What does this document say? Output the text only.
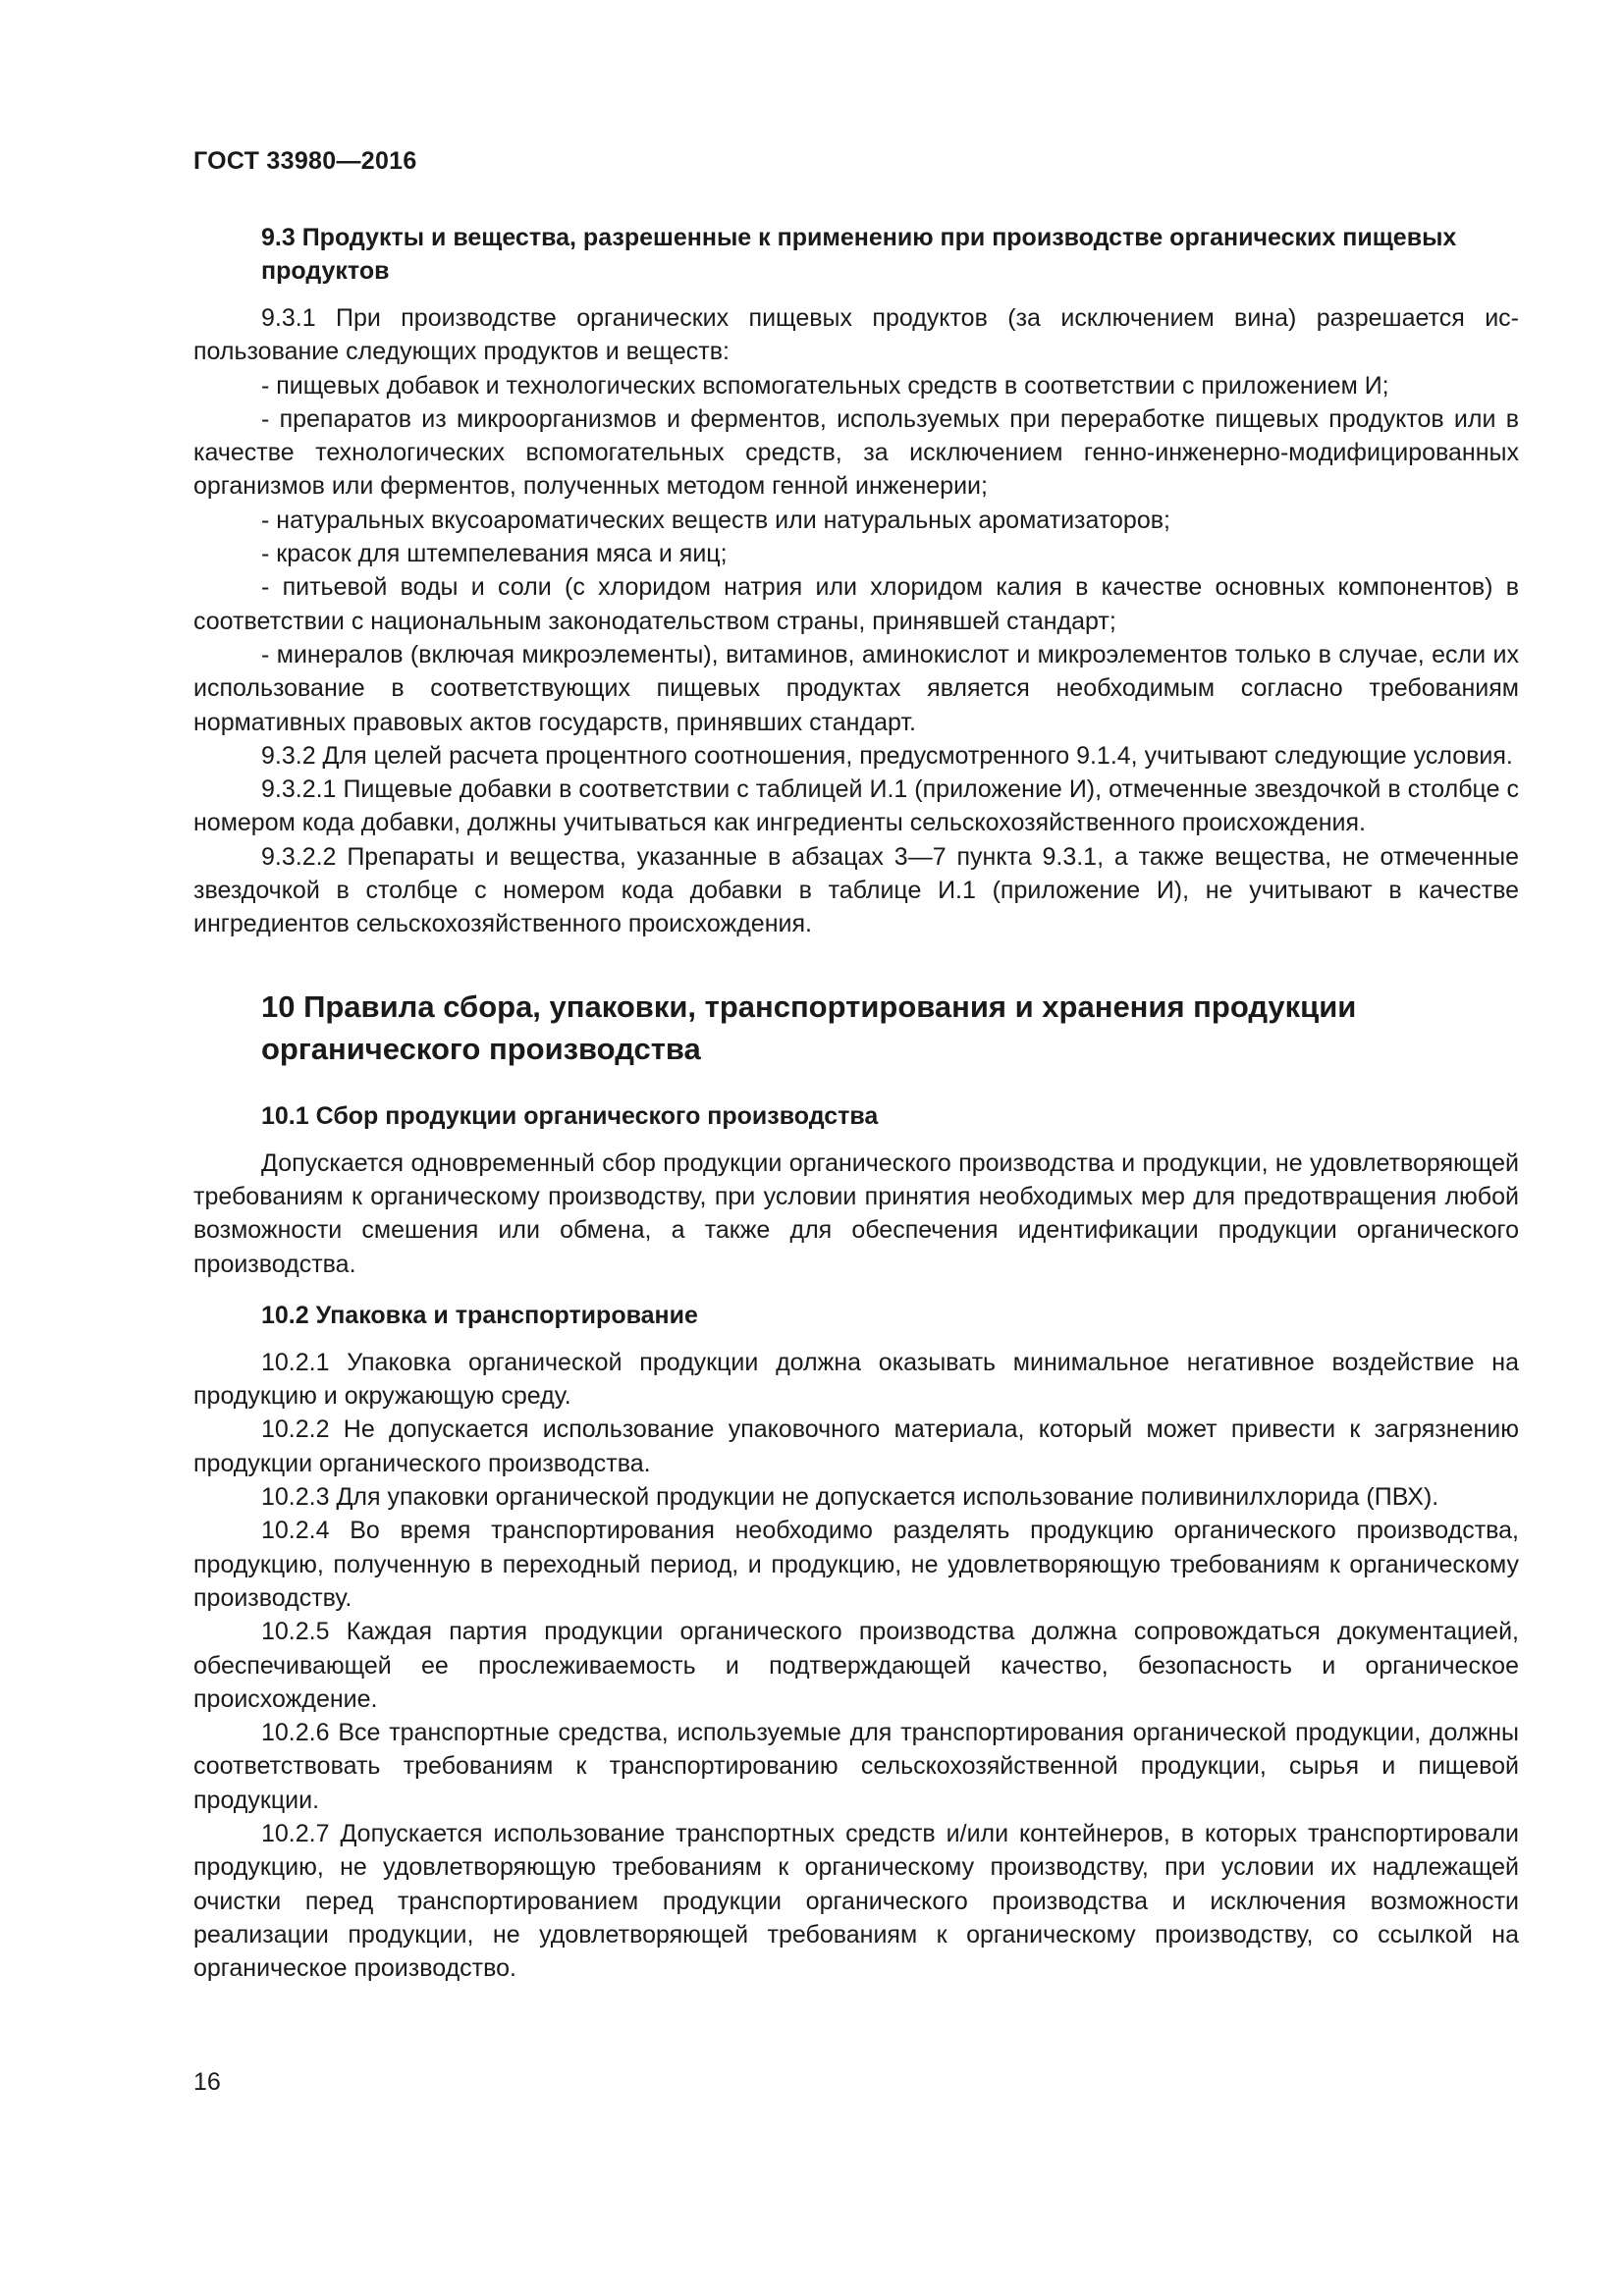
ГОСТ 33980—2016
9.3 Продукты и вещества, разрешенные к применению при производстве органических пищевых продуктов

9.3.1 При производстве органических пищевых продуктов (за исключением вина) разрешается использование следующих продуктов и веществ:

- пищевых добавок и технологических вспомогательных средств в соответствии с приложением И;

- препаратов из микроорганизмов и ферментов, используемых при переработке пищевых продуктов или в качестве технологических вспомогательных средств, за исключением генно-инженерно-модифицированных организмов или ферментов, полученных методом генной инженерии;

- натуральных вкусоароматических веществ или натуральных ароматизаторов;

- красок для штемпелевания мяса и яиц;

- питьевой воды и соли (с хлоридом натрия или хлоридом калия в качестве основных компонентов) в соответствии с национальным законодательством страны, принявшей стандарт;

- минералов (включая микроэлементы), витаминов, аминокислот и микроэлементов только в случае, если их использование в соответствующих пищевых продуктах является необходимым согласно требованиям нормативных правовых актов государств, принявших стандарт.

9.3.2 Для целей расчета процентного соотношения, предусмотренного 9.1.4, учитывают следующие условия.

9.3.2.1 Пищевые добавки в соответствии с таблицей И.1 (приложение И), отмеченные звездочкой в столбце с номером кода добавки, должны учитываться как ингредиенты сельскохозяйственного происхождения.

9.3.2.2 Препараты и вещества, указанные в абзацах 3—7 пункта 9.3.1, а также вещества, не отмеченные звездочкой в столбце с номером кода добавки в таблице И.1 (приложение И), не учитывают в качестве ингредиентов сельскохозяйственного происхождения.

10 Правила сбора, упаковки, транспортирования и хранения продукции органического производства
10.1 Сбор продукции органического производства

Допускается одновременный сбор продукции органического производства и продукции, не удовлетворяющей требованиям к органическому производству, при условии принятия необходимых мер для предотвращения любой возможности смешения или обмена, а также для обеспечения идентификации продукции органического производства.

10.2 Упаковка и транспортирование

10.2.1 Упаковка органической продукции должна оказывать минимальное негативное воздействие на продукцию и окружающую среду.

10.2.2 Не допускается использование упаковочного материала, который может привести к загрязнению продукции органического производства.

10.2.3 Для упаковки органической продукции не допускается использование поливинилхлорида (ПВХ).

10.2.4 Во время транспортирования необходимо разделять продукцию органического производства, продукцию, полученную в переходный период, и продукцию, не удовлетворяющую требованиям к органическому производству.

10.2.5 Каждая партия продукции органического производства должна сопровождаться документацией, обеспечивающей ее прослеживаемость и подтверждающей качество, безопасность и органическое происхождение.

10.2.6 Все транспортные средства, используемые для транспортирования органической продукции, должны соответствовать требованиям к транспортированию сельскохозяйственной продукции, сырья и пищевой продукции.

10.2.7 Допускается использование транспортных средств и/или контейнеров, в которых транспортировали продукцию, не удовлетворяющую требованиям к органическому производству, при условии их надлежащей очистки перед транспортированием продукции органического производства и исключения возможности реализации продукции, не удовлетворяющей требованиям к органическому производству, со ссылкой на органическое производство.

16
